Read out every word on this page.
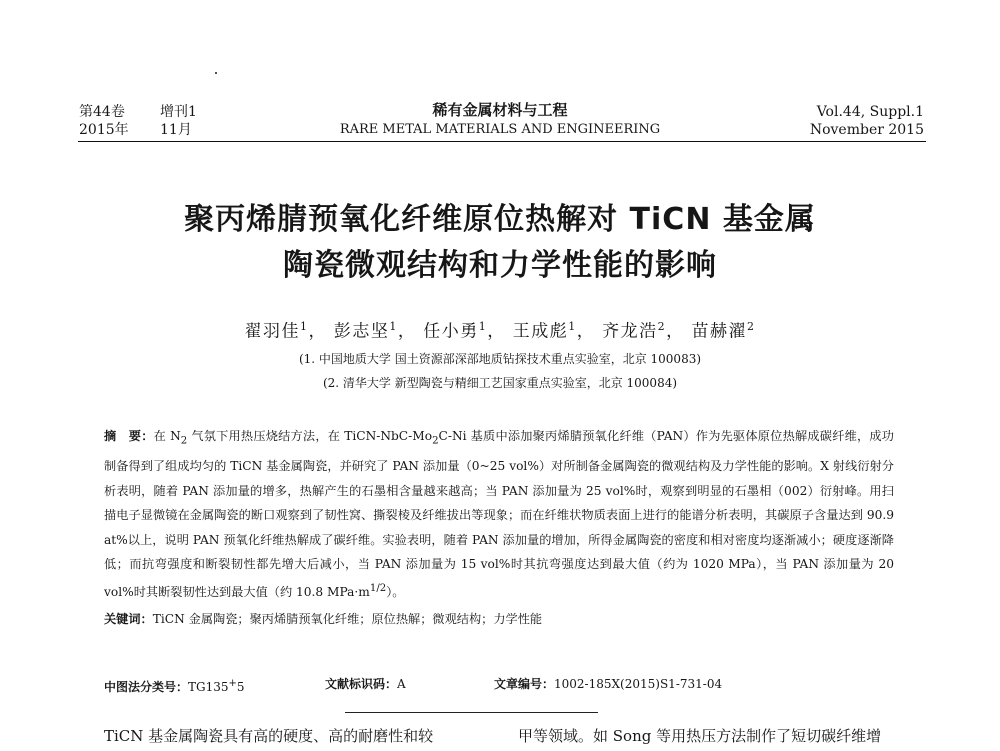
第44卷	增刊1
2015年 11月
稀有金属材料与工程
RARE METAL MATERIALS AND ENGINEERING
Vol.44, Suppl.1
November 2015
聚丙烯腈预氧化纤维原位热解对 TiCN 基金属
陶瓷微观结构和力学性能的影响
翟羽佳$^1$， 彭志坚$^1$， 任小勇$^1$， 王成彪$^1$， 齐龙浩$^2$， 苗赫濯$^2$
(1. 中国地质大学 国土资源部深部地质钻探技术重点实验室，北京 100083)
(2. 清华大学 新型陶瓷与精细工艺国家重点实验室，北京 100084)

摘　要：在 $N_2$ 气氛下用热压烧结方法，在 TiCN-$NbC-Mo_2C-Ni$ 基质中添加聚丙烯腈预氧化纤维（PAN）作为先驱体原位热解成碳纤维，成功制备得到了组成均匀的 TiCN 基金属陶瓷，并研究了 PAN 添加量（0~25 vol%）对所制备金属陶瓷的微观结构及力学性能的影响。X 射线衍射分析表明，随着 PAN 添加量的增多，热解产生的石墨相含量越来越高；当 PAN 添加量为 25 vol%时，观察到明显的石墨相（002）衍射峰。用扫描电子显微镜在金属陶瓷的断口观察到了韧性窝、撕裂棱及纤维拔出等现象；而在纤维状物质表面上进行的能谱分析表明，其碳原子含量达到 90.9 at%以上，说明 PAN 预氧化纤维热解成了碳纤维。实验表明，随着 PAN 添加量的增加，所得金属陶瓷的密度和相对密度均逐渐减小；硬度逐渐降低；而抗弯强度和断裂韧性都先增大后减小，当 PAN 添加量为 15 vol%时其抗弯强度达到最大值（约为 1020 MPa），当 PAN 添加量为 20 vol%时其断裂韧性达到最大值（约 10.8 $MPa\cdot m^{1/2}$）。

关键词：TiCN 金属陶瓷；聚丙烯腈预氧化纤维；原位热解；微观结构；力学性能

中图法分类号：TG135+5	文献标识码：A	文章编号：1002-185X(2015)S1-731-04
TiCN 基金属陶瓷具有高的硬度、高的耐磨性和较	甲等领域。如 Song 等用热压方法制作了短切碳纤维增
